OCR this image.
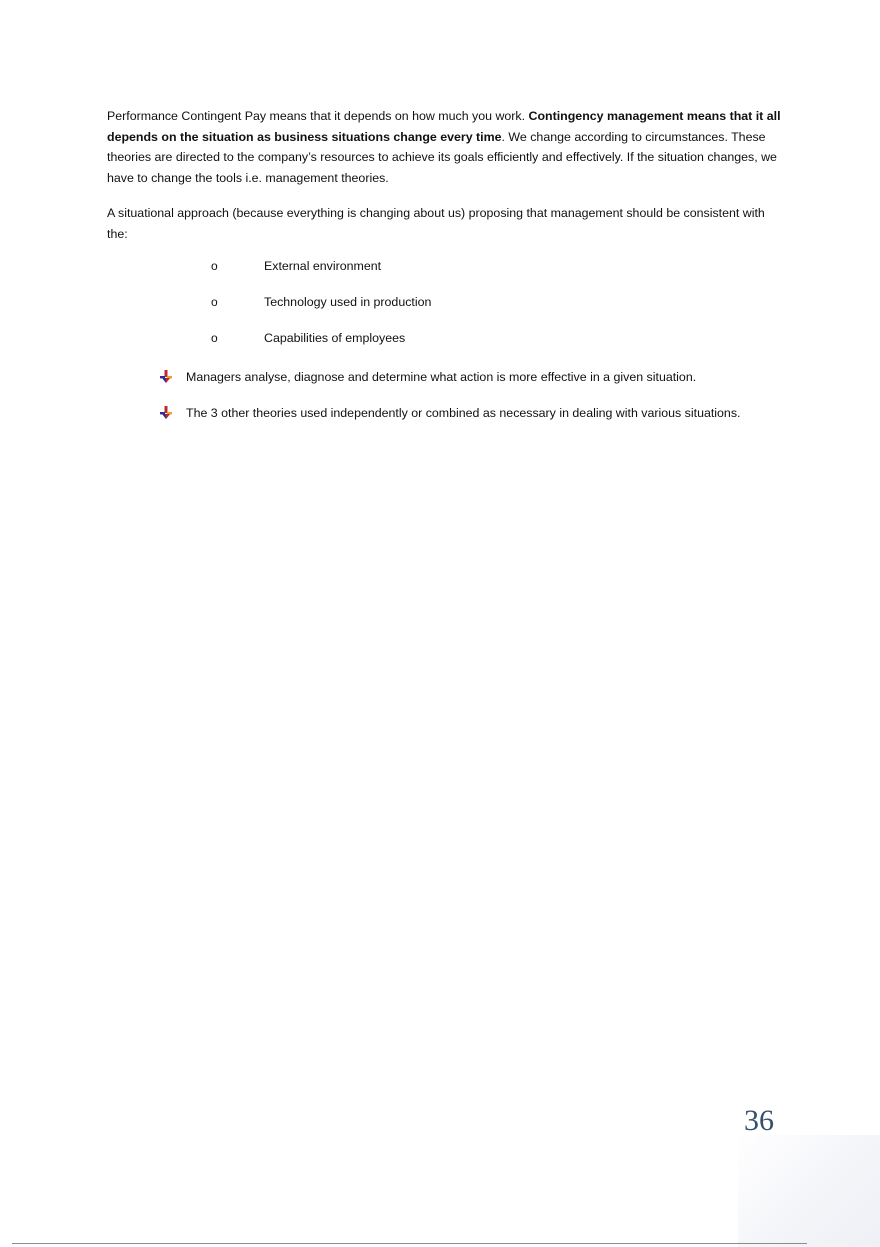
Performance Contingent Pay means that it depends on how much you work. Contingency management means that it all depends on the situation as business situations change every time. We change according to circumstances. These theories are directed to the company’s resources to achieve its goals efficiently and effectively. If the situation changes, we have to change the tools i.e. management theories.

A situational approach (because everything is changing about us) proposing that management should be consistent with the:

o	External environment
o	Technology used in production
o	Capabilities of employees
Managers analyse, diagnose and determine what action is more effective in a given situation.
The 3 other theories used independently or combined as necessary in dealing with various situations.
36
